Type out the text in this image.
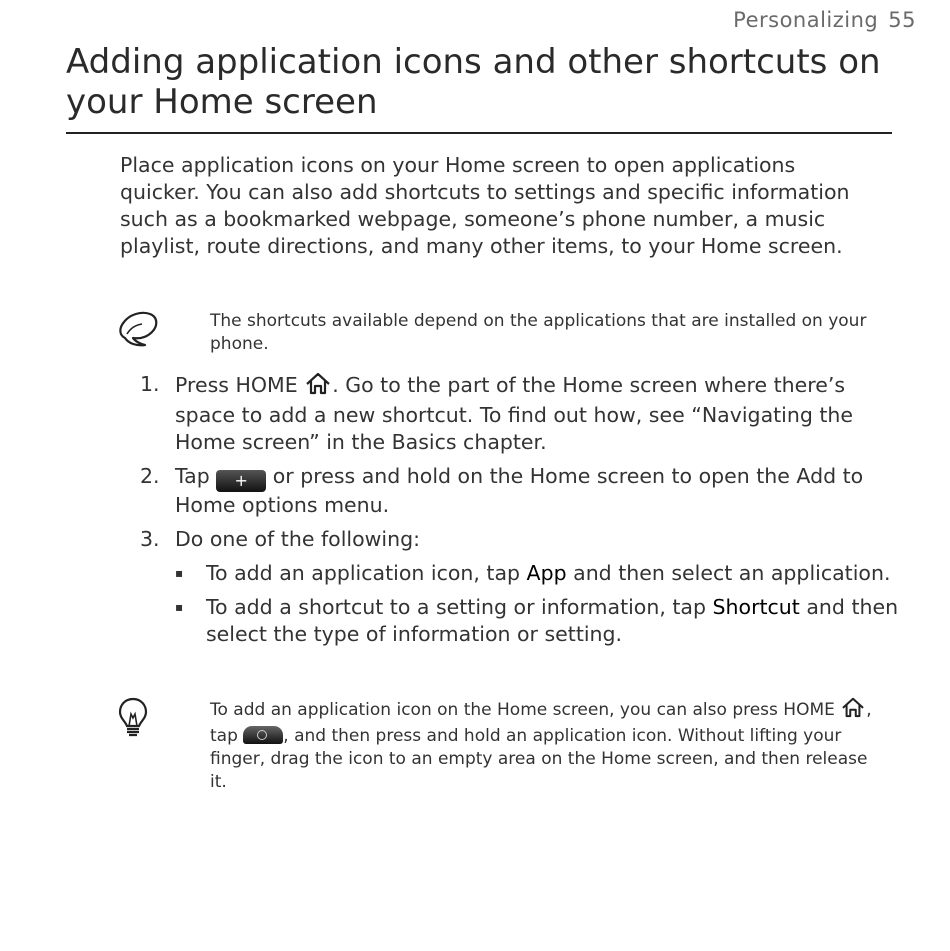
Personalizing 55
Adding application icons and other shortcuts on your Home screen

Place application icons on your Home screen to open applications quicker. You can also add shortcuts to settings and specific information such as a bookmarked webpage, someone’s phone number, a music playlist, route directions, and many other items, to your Home screen.

The shortcuts available depend on the applications that are installed on your phone.

1. Press HOME . Go to the part of the Home screen where there’s space to add a new shortcut. To find out how, see “Navigating the Home screen” in the Basics chapter.
2. Tap + or press and hold on the Home screen to open the Add to Home options menu.
3. Do one of the following:
▪	To add an application icon, tap App and then select an application.
▪	To add a shortcut to a setting or information, tap Shortcut and then select the type of information or setting.

To add an application icon on the Home screen, you can also press HOME , tap
, and then press and hold an application icon. Without lifting your finger, drag the icon to an empty area on the Home screen, and then release it.
